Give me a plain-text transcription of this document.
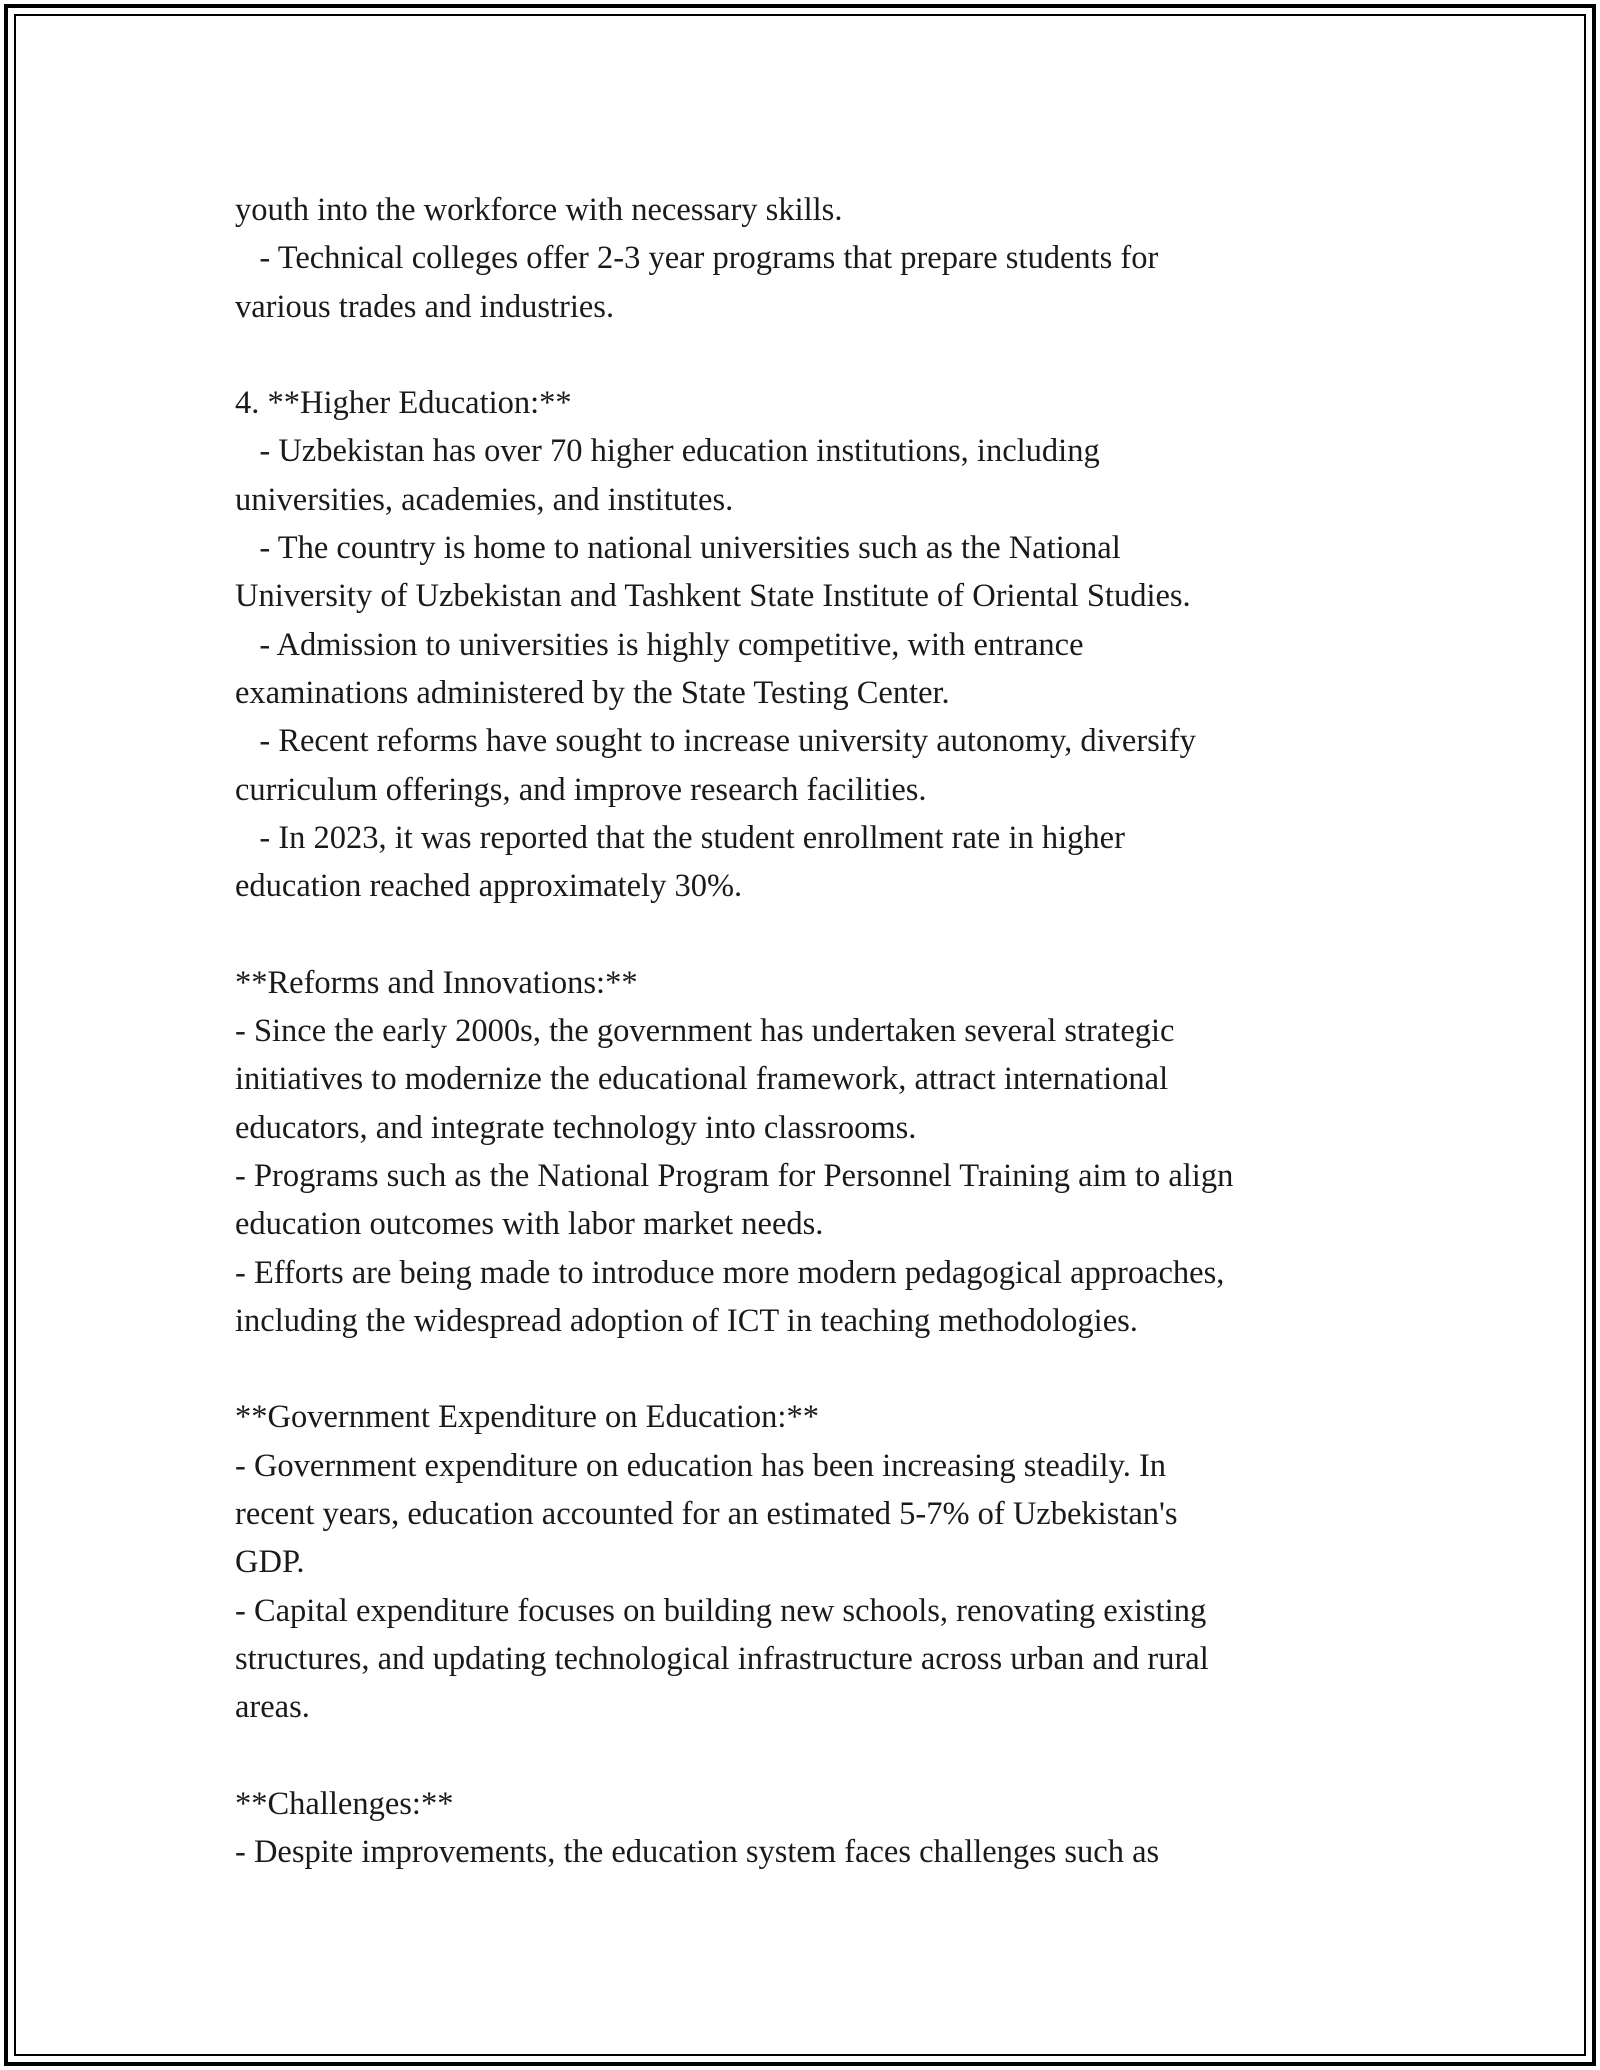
youth into the workforce with necessary skills.
- Technical colleges offer 2-3 year programs that prepare students for
various trades and industries.
4. **Higher Education:**
- Uzbekistan has over 70 higher education institutions, including
universities, academies, and institutes.
- The country is home to national universities such as the National
University of Uzbekistan and Tashkent State Institute of Oriental Studies.
- Admission to universities is highly competitive, with entrance
examinations administered by the State Testing Center.
- Recent reforms have sought to increase university autonomy, diversify
curriculum offerings, and improve research facilities.
- In 2023, it was reported that the student enrollment rate in higher
education reached approximately 30%.
**Reforms and Innovations:**
- Since the early 2000s, the government has undertaken several strategic
initiatives to modernize the educational framework, attract international
educators, and integrate technology into classrooms.
- Programs such as the National Program for Personnel Training aim to align
education outcomes with labor market needs.
- Efforts are being made to introduce more modern pedagogical approaches,
including the widespread adoption of ICT in teaching methodologies.
**Government Expenditure on Education:**
- Government expenditure on education has been increasing steadily. In
recent years, education accounted for an estimated 5-7% of Uzbekistan's
GDP.
- Capital expenditure focuses on building new schools, renovating existing
structures, and updating technological infrastructure across urban and rural
areas.
**Challenges:**
- Despite improvements, the education system faces challenges such as
